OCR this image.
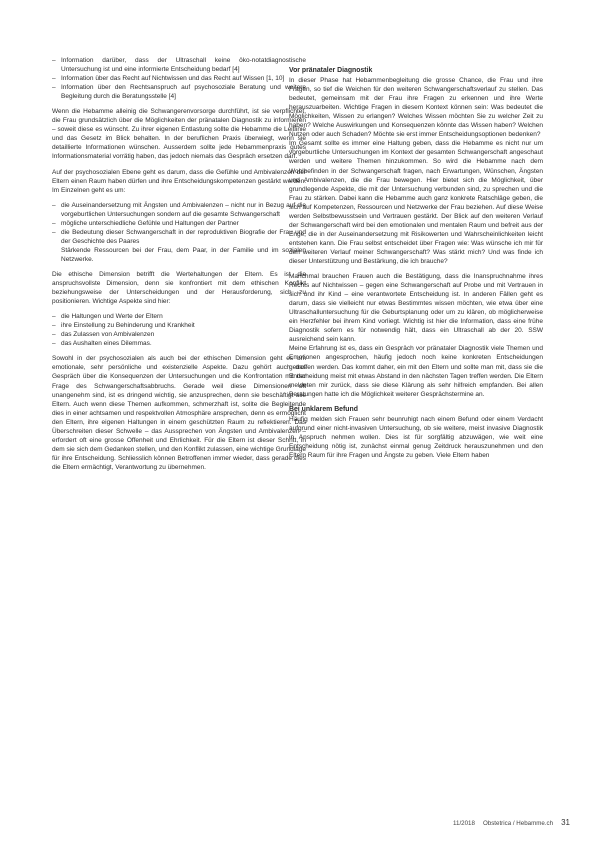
– Information darüber, dass der Ultraschall keine öko-notatdiagnostische Untersuchung ist und eine informierte Entscheidung bedarf [4]
– Information über das Recht auf Nichtwissen und das Recht auf Wissen [1, 10]
– Information über den Rechtsanspruch auf psychosoziale Beratung und weitere Begleitung durch die Beratungsstelle [4]

Wenn die Hebamme alleinig die Schwangerenvorsorge durchführt, ist sie verpflichtet, die Frau grundsätzlich über die Möglichkeiten der pränatalen Diagnostik zu informieren – soweit diese es wünscht. Zu ihrer eigenen Entlastung sollte die Hebamme die Leitlinie und das Gesetz im Blick behalten. In der beruflichen Praxis überwiegt, wenn sie detaillierte Informationen wünschen. Ausserdem sollte jede Hebammenpraxis gutes Informationsmaterial vorrätig haben, das jedoch niemals das Gespräch ersetzen darf.

Auf der psychosozialen Ebene geht es darum, dass die Gefühle und Ambivalenzen der Eltern einen Raum haben dürfen und ihre Entscheidungskompetenzen gestärkt werden. Im Einzelnen geht es um:

– die Auseinandersetzung mit Ängsten und Ambivalenzen – nicht nur in Bezug auf die vorgeburtlichen Untersuchungen sondern auf die gesamte Schwangerschaft
– mögliche unterschiedliche Gefühle und Haltungen der Partner
– die Bedeutung dieser Schwangerschaft in der reproduktiven Biografie der Frau und der Geschichte des Paares
Stärkende Ressourcen bei der Frau, dem Paar, in der Familie und im sozialen Netzwerke.

Die ethische Dimension betrifft die Wertehaltungen der Eltern. Es ist die anspruchsvollste Dimension, denn sie konfrontiert mit dem ethischen Konflikt beziehungsweise der Unterscheidungen und der Herausforderung, sich zu positionieren. Wichtige Aspekte sind hier:

– die Haltungen und Werte der Eltern
– ihre Einstellung zu Behinderung und Krankheit
– das Zulassen von Ambivalenzen
– das Aushalten eines Dilemmas.

Sowohl in der psychosozialen als auch bei der ethischen Dimension geht es um emotionale, sehr persönliche und existenzielle Aspekte. Dazu gehört auch das Gespräch über die Konsequenzen der Untersuchungen und die Konfrontation mit der Frage des Schwangerschaftsabbruchs. Gerade weil diese Dimensionen oft unangenehm sind, ist es dringend wichtig, sie anzusprechen, denn sie beschäftigt alle Eltern. Auch wenn diese Themen aufkommen, schmerzhaft ist, sollte die Begleitende dies in einer achtsamen und respektvollen Atmosphäre ansprechen, denn es ermöglicht den Eltern, ihre eigenen Haltungen in einem geschützten Raum zu reflektieren. Das Überschreiten dieser Schwelle – das Aussprechen von Ängsten und Ambivalenzen – erfordert oft eine grosse Offenheit und Ehrlichkeit. Für die Eltern ist dieser Schritt, in dem sie sich dem Gedanken stellen, und den Konflikt zulassen, eine wichtige Grundlage für ihre Entscheidung. Schliesslich können Betroffenen immer wieder, dass gerade dies die Eltern ermächtigt, Verantwortung zu übernehmen.

Vor pränataler Diagnostik

In dieser Phase hat Hebammenbegleitung die grosse Chance, die Frau und ihre Fragen, so tief die Weichen für den weiteren Schwangerschaftsverlauf zu stellen. Das bedeutet, gemeinsam mit der Frau ihre Fragen zu erkennen und ihre Werte herauszuarbeiten. Wichtige Fragen in diesem Kontext können sein: Was bedeutet die Möglichkeiten, Wissen zu erlangen? Welches Wissen möchten Sie zu welcher Zeit zu haben? Welche Auswirkungen und Konsequenzen könnte das Wissen haben? Welchen Nutzen oder auch Schaden? Möchte sie erst immer Entscheidungsoptionen bedenken?

Im Gesamt sollte es immer eine Haltung geben, dass die Hebamme es nicht nur um vorgeburtliche Untersuchungen im Kontext der gesamten Schwangerschaft angeschaut werden und weitere Themen hinzukommen. So wird die Hebamme nach dem Wohlbefinden in der Schwangerschaft fragen, nach Erwartungen, Wünschen, Ängsten und Ambivalenzen, die die Frau bewegen. Hier bietet sich die Möglichkeit, über grundlegende Aspekte, die mit der Untersuchung verbunden sind, zu sprechen und die Frau zu stärken. Dabei kann die Hebamme auch ganz konkrete Ratschläge geben, die sich auf Kompetenzen, Ressourcen und Netzwerke der Frau beziehen. Auf diese Weise werden Selbstbewusstsein und Vertrauen gestärkt. Der Blick auf den weiteren Verlauf der Schwangerschaft wird bei den emotionalen und mentalen Raum und befreit aus der Enge, die in der Auseinandersetzung mit Risikowerten und Wahrscheinlichkeiten leicht entstehen kann. Die Frau selbst entscheidet über Fragen wie: Was wünsche ich mir für den weiteren Verlauf meiner Schwangerschaft? Was stärkt mich? Und was finde ich dieser Unterstützung und Bestärkung, die ich brauche?

Manchmal brauchen Frauen auch die Bestätigung, dass die Inanspruchnahme ihres Rechts auf Nichtwissen – gegen eine Schwangerschaft auf Probe und mit Vertrauen in sich und ihr Kind – eine verantwortete Entscheidung ist. In anderen Fällen geht es darum, dass sie vielleicht nur etwas Bestimmtes wissen möchten, wie etwa über eine Ultraschalluntersuchung für die Geburtsplanung oder um zu klären, ob möglicherweise ein Herzfehler bei ihrem Kind vorliegt. Wichtig ist hier die Information, dass eine frühe Diagnostik sofern es für notwendig hält, dass ein Ultraschall ab der 20. SSW ausreichend sein kann.

Meine Erfahrung ist es, dass ein Gespräch vor pränataler Diagnostik viele Themen und Emotionen angesprochen, häufig jedoch noch keine konkreten Entscheidungen getroffen werden. Das kommt daher, ein mit den Eltern und sollte man mit, dass sie die Entscheidung meist mit etwas Abstand in den nächsten Tagen treffen werden. Die Eltern meldeten mir zurück, dass sie diese Klärung als sehr hilfreich empfanden. Bei allen Beratungen hatte ich die Möglichkeit weiterer Gesprächstermine an.

Bei unklarem Befund

Häufig melden sich Frauen sehr beunruhigt nach einem Befund oder einem Verdacht aufgrund einer nicht-invasiven Untersuchung, ob sie weitere, meist invasive Diagnostik in Anspruch nehmen wollen. Dies ist für sorgfältig abzuwägen, wie weit eine Entscheidung nötig ist, zunächst einmal genug Zeitdruck herauszunehmen und den Eltern Raum für ihre Fragen und Ängste zu geben. Viele Eltern haben

11/2018 Obstetrica / Hebamme.ch 31
